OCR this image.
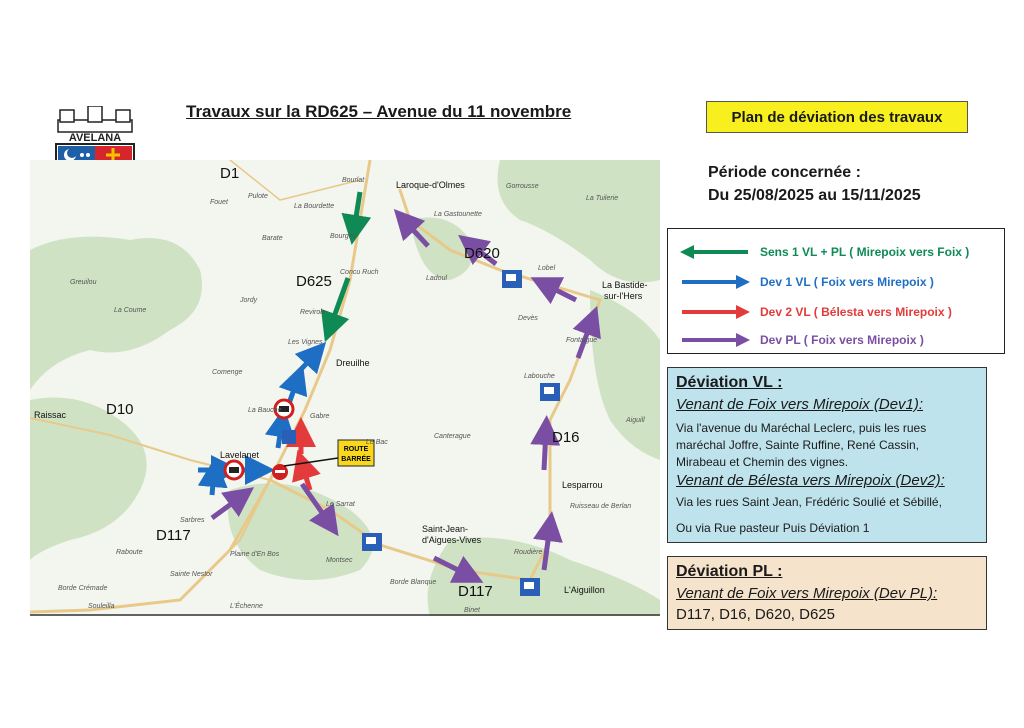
AVELANA
Travaux sur la RD625 – Avenue du 11 novembre	Plan de déviation des travaux
Période concernée :
Du 25/08/2025 au 15/11/2025
Sens 1 VL + PL ( Mirepoix vers Foix )
Dev 1 VL ( Foix vers Mirepoix )
Dev 2 VL ( Bélesta vers Mirepoix )
Dev PL ( Foix vers Mirepoix )
Déviation VL :
Venant de Foix vers Mirepoix (Dev1):
Via l'avenue du Maréchal Leclerc, puis les rues
maréchal Joffre, Sainte Ruffine, René Cassin,
Mirabeau et Chemin des vignes.
Venant de Bélesta vers Mirepoix (Dev2):
Via les rues Saint Jean, Frédéric Soulié et Sébillé,
Ou via Rue pasteur Puis Déviation 1
Déviation PL :
Venant de Foix vers Mirepoix (Dev PL):
D117, D16, D620, D625
ROUTE
BARRÉE
D1
D625
D620
D10
D16
D117
D117
Laroque-d'Olmes
La Bastide-
sur-l'Hers
Lavelanet
Saint-Jean-
d'Aigues-Vives
L'Aiguillon
Dreuilhe
Raissac
Lesparrou
Bourlat
Fouet
Pulote
La Bourdette
Gorrousse
La Tuilerie
Barate	Bourges
La Gastounette
Greuilou
Concu Ruch
Ladoul
Lobel
La Coume
Jordy
Revirole
Devès
Fontaigue
Les Vignes
Comenge
Labouche
La Bauche
Gabre
Le Bac
Canterague
Aiguill
Le Sarrat
Sarbres
Raboute	Plaine d'En Bos
Montsec
Roudière
Sainte Nestor
Borde Crémade
Borde Blanque
Souleilla	L'Échenne
Binet
Ruisseau de Berlan
